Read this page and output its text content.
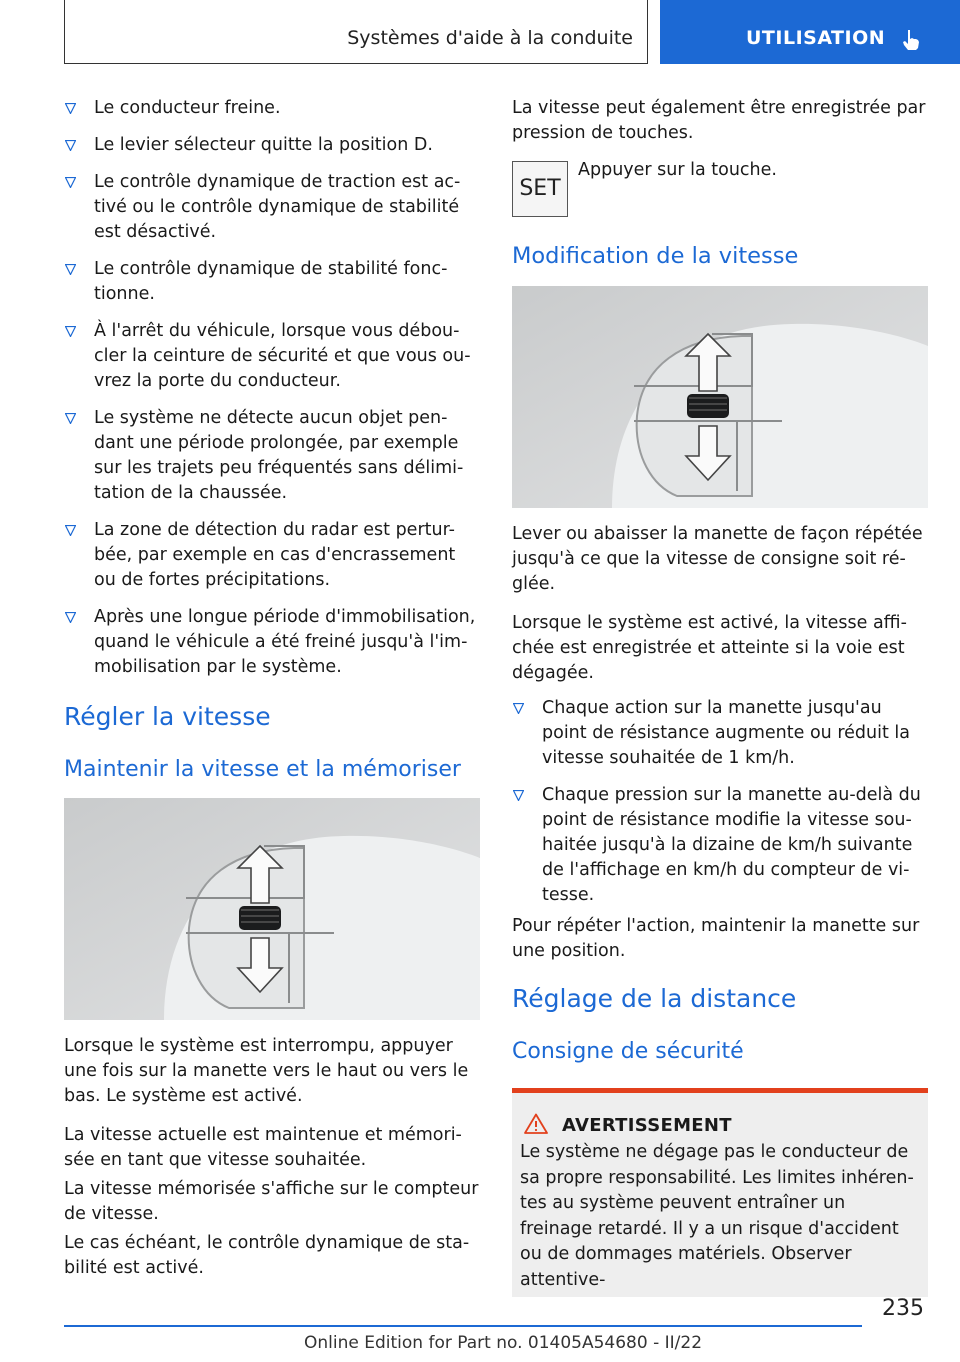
Systèmes d'aide à la conduite	UTILISATION
Le conducteur freine.
Le levier sélecteur quitte la position D.
Le contrôle dynamique de traction est ac-tivé ou le contrôle dynamique de stabilité est désactivé.
Le contrôle dynamique de stabilité fonc-tionne.
À l'arrêt du véhicule, lorsque vous débou-cler la ceinture de sécurité et que vous ou-vrez la porte du conducteur.
Le système ne détecte aucun objet pen-dant une période prolongée, par exemple sur les trajets peu fréquentés sans délimi-tation de la chaussée.
La zone de détection du radar est pertur-bée, par exemple en cas d'encrassement ou de fortes précipitations.
Après une longue période d'immobilisation, quand le véhicule a été freiné jusqu'à l'im-mobilisation par le système.
Régler la vitesse
Maintenir la vitesse et la mémoriser

Lorsque le système est interrompu, appuyer une fois sur la manette vers le haut ou vers le bas. Le système est activé.

La vitesse actuelle est maintenue et mémori-sée en tant que vitesse souhaitée.

La vitesse mémorisée s'affiche sur le compteur de vitesse.

Le cas échéant, le contrôle dynamique de sta-bilité est activé.

La vitesse peut également être enregistrée par pression de touches.

SET
Appuyer sur la touche.
Modification de la vitesse

Lever ou abaisser la manette de façon répétée jusqu'à ce que la vitesse de consigne soit ré-glée.

Lorsque le système est activé, la vitesse affi-chée est enregistrée et atteinte si la voie est dégagée.

Chaque action sur la manette jusqu'au point de résistance augmente ou réduit la vitesse souhaitée de 1 km/h.
Chaque pression sur la manette au-delà du point de résistance modifie la vitesse sou-haitée jusqu'à la dizaine de km/h suivante de l'affichage en km/h du compteur de vi-tesse.

Pour répéter l'action, maintenir la manette sur une position.

Réglage de la distance
Consigne de sécurité
AVERTISSEMENT

Le système ne dégage pas le conducteur de sa propre responsabilité. Les limites inhéren-tes au système peuvent entraîner un freinage retardé. Il y a un risque d'accident ou de dommages matériels. Observer attentive-

235
Online Edition for Part no. 01405A54680 - II/22
